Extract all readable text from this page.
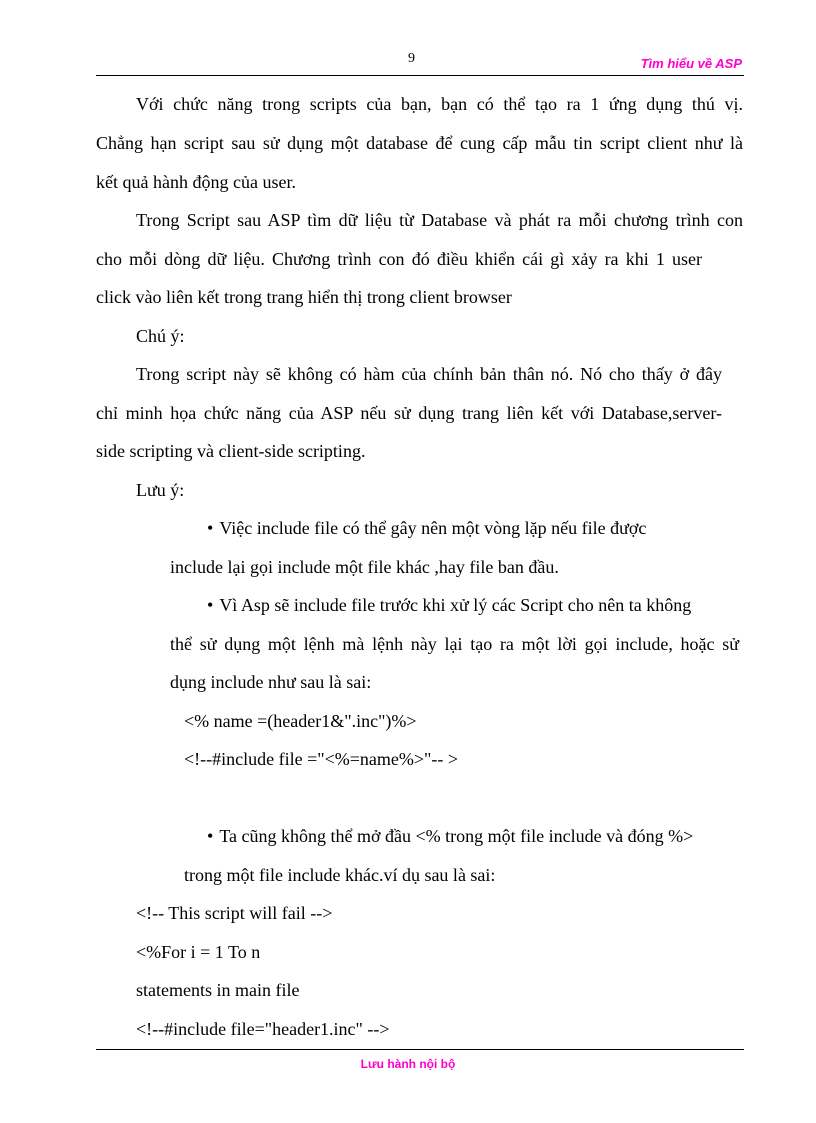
9	Tìm hiểu về ASP
Với chức năng trong scripts của bạn, bạn có thể tạo ra 1 ứng dụng thú vị.
Chẳng hạn script sau sử dụng một database để cung cấp mẫu tin script client như là
kết quả hành động của user.
Trong Script sau ASP tìm dữ liệu từ Database và phát ra mỗi chương trình con
cho mỗi dòng dữ liệu. Chương trình con đó điều khiển cái gì xảy ra khi 1 user
click vào liên kết trong trang hiển thị trong client browser
Chú ý:
Trong script này sẽ không có hàm của chính bản thân nó. Nó cho thấy ở đây
chỉ minh họa chức năng của ASP nếu sử dụng trang liên kết với Database,server-
side scripting và client-side scripting.
Lưu ý:
• Việc include file có thể gây nên một vòng lặp nếu file được
include lại gọi include một file khác ,hay file ban đầu.
• Vì Asp sẽ include file trước khi xử lý các Script cho nên ta không
thể sử dụng một lệnh mà lệnh này lại tạo ra một lời gọi include, hoặc sử
dụng include như sau là sai:
<% name =(header1&".inc")%>
<!--#include file ="<%=name%>"-- >
• Ta cũng không thể mở đầu <% trong một file include và đóng %>
trong một file include khác.ví dụ sau là sai:
<!-- This script will fail -->
<%For i = 1 To n
statements in main file
<!--#include file="header1.inc" -->
Lưu hành nội bộ
